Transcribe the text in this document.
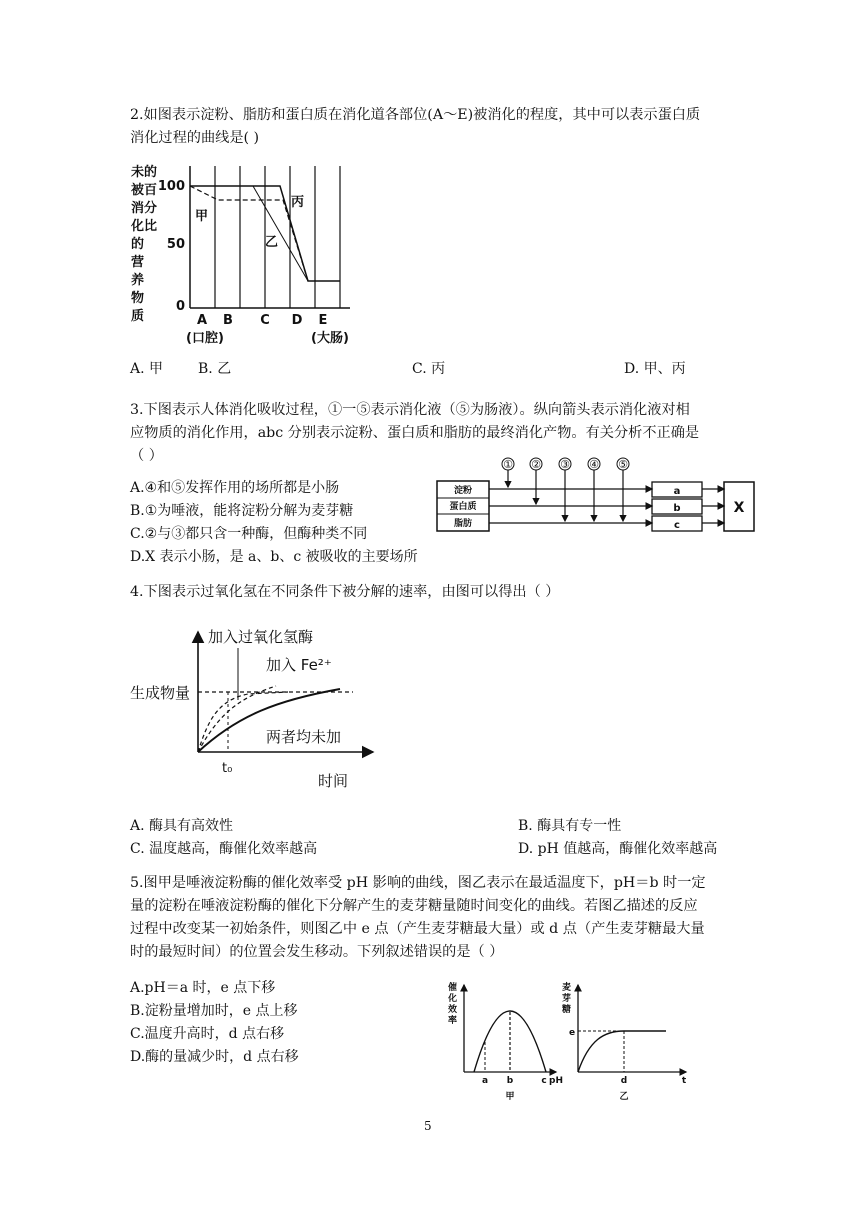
2.如图表示淀粉、脂肪和蛋白质在消化道各部位(A～E)被消化的程度，其中可以表示蛋白质
消化过程的曲线是( )
未的
被百
消分
化比
的
营
养
物
质
100
50
0
甲
乙
丙
A B C D E
(口腔)	(大肠)
A. 甲 B. 乙	C. 丙	D. 甲、丙
3.下图表示人体消化吸收过程，①一⑤表示消化液（⑤为肠液）。纵向箭头表示消化液对相
应物质的消化作用，abc 分别表示淀粉、蛋白质和脂肪的最终消化产物。有关分析不正确是
（ ）
A.④和⑤发挥作用的场所都是小肠
B.①为唾液，能将淀粉分解为麦芽糖
C.②与③都只含一种酶，但酶种类不同
D.X 表示小肠，是 a、b、c 被吸收的主要场所
淀粉
蛋白质
脂肪
① ② ③ ④ ⑤
a
b
c
X
4.下图表示过氧化氢在不同条件下被分解的速率，由图可以得出（ ）
加入过氧化氢酶
加入 Fe²⁺
生成物量
两者均未加
t₀
时间
A. 酶具有高效性	B. 酶具有专一性
C. 温度越高，酶催化效率越高	D. pH 值越高，酶催化效率越高
5.图甲是唾液淀粉酶的催化效率受 pH 影响的曲线，图乙表示在最适温度下，pH＝b 时一定
量的淀粉在唾液淀粉酶的催化下分解产生的麦芽糖量随时间变化的曲线。若图乙描述的反应
过程中改变某一初始条件，则图乙中 e 点（产生麦芽糖最大量）或 d 点（产生麦芽糖最大量
时的最短时间）的位置会发生移动。下列叙述错误的是（ ）
A.pH＝a 时，e 点下移
B.淀粉量增加时，e 点上移
C.温度升高时，d 点右移
D.酶的量减少时，d 点右移
催
化
效
率
a b	c pH
甲
麦
芽
糖
e
d	t
乙
5
